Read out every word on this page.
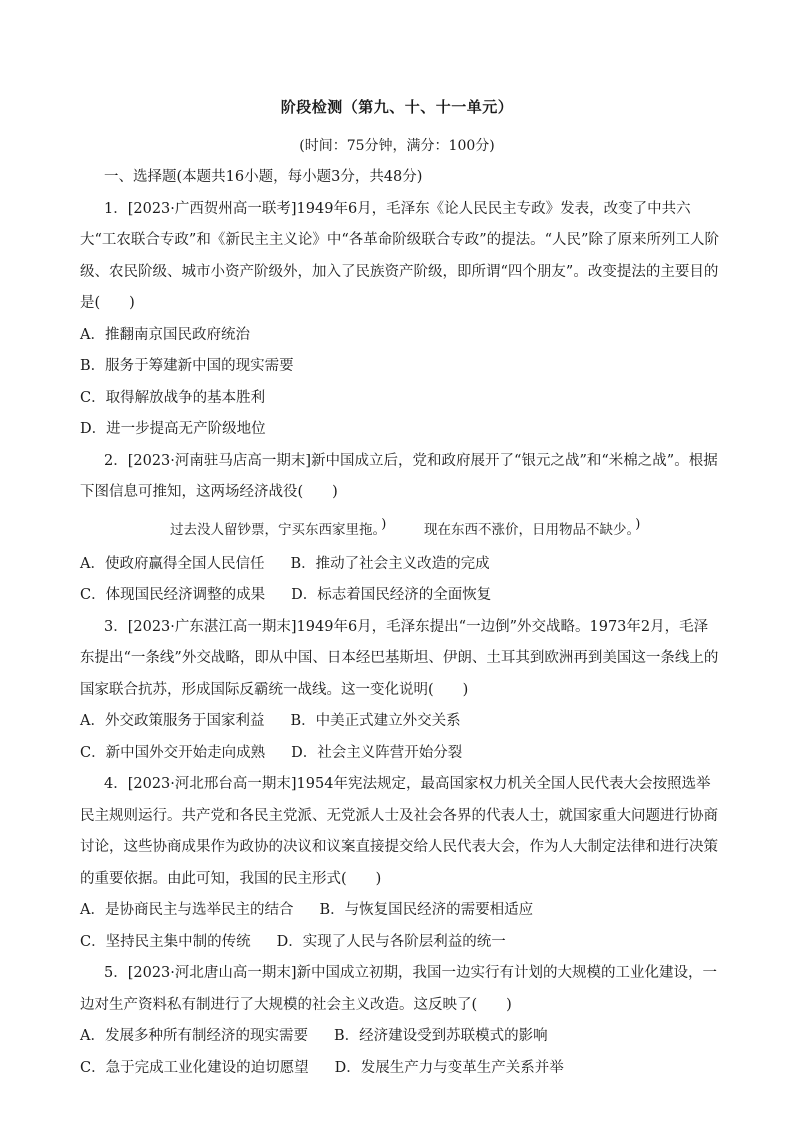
阶段检测（第九、十、十一单元）
(时间：75分钟，满分：100分)

一、选择题(本题共16小题，每小题3分，共48分)

1．[2023·广西贺州高一联考]1949年6月，毛泽东《论人民民主专政》发表，改变了中共六大“工农联合专政”和《新民主主义论》中“各革命阶级联合专政”的提法。“人民”除了原来所列工人阶级、农民阶级、城市小资产阶级外，加入了民族资产阶级，即所谓“四个朋友”。改变提法的主要目的是(　　)

A．推翻南京国民政府统治

B．服务于筹建新中国的现实需要

C．取得解放战争的基本胜利

D．进一步提高无产阶级地位

2．[2023·河南驻马店高一期末]新中国成立后，党和政府展开了“银元之战”和“米棉之战”。根据下图信息可推知，这两场经济战役(　　)

过去没人留钞票，宁买东西家里拖。 )	现在东西不涨价，日用物品不缺少。 )

A．使政府赢得全国人民信任 B．推动了社会主义改造的完成

C．体现国民经济调整的成果 D．标志着国民经济的全面恢复

3．[2023·广东湛江高一期末]1949年6月，毛泽东提出“一边倒”外交战略。1973年2月，毛泽东提出“一条线”外交战略，即从中国、日本经巴基斯坦、伊朗、土耳其到欧洲再到美国这一条线上的国家联合抗苏，形成国际反霸统一战线。这一变化说明(　　)

A．外交政策服务于国家利益 B．中美正式建立外交关系

C．新中国外交开始走向成熟 D．社会主义阵营开始分裂

4．[2023·河北邢台高一期末]1954年宪法规定，最高国家权力机关全国人民代表大会按照选举民主规则运行。共产党和各民主党派、无党派人士及社会各界的代表人士，就国家重大问题进行协商讨论，这些协商成果作为政协的决议和议案直接提交给人民代表大会，作为人大制定法律和进行决策的重要依据。由此可知，我国的民主形式(　　)

A．是协商民主与选举民主的结合 B．与恢复国民经济的需要相适应

C．坚持民主集中制的传统 D．实现了人民与各阶层利益的统一

5．[2023·河北唐山高一期末]新中国成立初期，我国一边实行有计划的大规模的工业化建设，一边对生产资料私有制进行了大规模的社会主义改造。这反映了(　　)

A．发展多种所有制经济的现实需要 B．经济建设受到苏联模式的影响

C．急于完成工业化建设的迫切愿望 D．发展生产力与变革生产关系并举
